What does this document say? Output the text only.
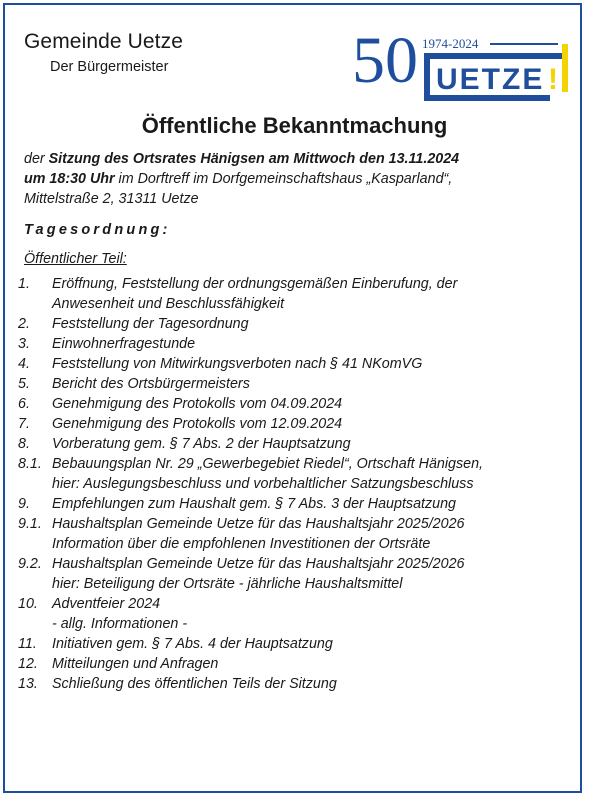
Gemeinde Uetze
Der Bürgermeister	50 1974-2024
UETZE !
Öffentliche Bekanntmachung
der Sitzung des Ortsrates Hänigsen am Mittwoch den 13.11.2024
um 18:30 Uhr im Dorftreff im Dorfgemeinschaftshaus „Kasparland“,
Mittelstraße 2, 31311 Uetze
Tagesordnung:
Öffentlicher Teil:
1.	Eröffnung, Feststellung der ordnungsgemäßen Einberufung, der
Anwesenheit und Beschlussfähigkeit
2.	Feststellung der Tagesordnung
3.	Einwohnerfragestunde
4.	Feststellung von Mitwirkungsverboten nach § 41 NKomVG
5.	Bericht des Ortsbürgermeisters
6.	Genehmigung des Protokolls vom 04.09.2024
7.	Genehmigung des Protokolls vom 12.09.2024
8.	Vorberatung gem. § 7 Abs. 2 der Hauptsatzung
8.1. Bebauungsplan Nr. 29 „Gewerbegebiet Riedel“, Ortschaft Hänigsen,
hier: Auslegungsbeschluss und vorbehaltlicher Satzungsbeschluss
9.	Empfehlungen zum Haushalt gem. § 7 Abs. 3 der Hauptsatzung
9.1. Haushaltsplan Gemeinde Uetze für das Haushaltsjahr 2025/2026
Information über die empfohlenen Investitionen der Ortsräte
9.2. Haushaltsplan Gemeinde Uetze für das Haushaltsjahr 2025/2026
hier: Beteiligung der Ortsräte - jährliche Haushaltsmittel
10. Adventfeier 2024
- allg. Informationen -
11.	Initiativen gem. § 7 Abs. 4 der Hauptsatzung
12. Mitteilungen und Anfragen
13. Schließung des öffentlichen Teils der Sitzung
